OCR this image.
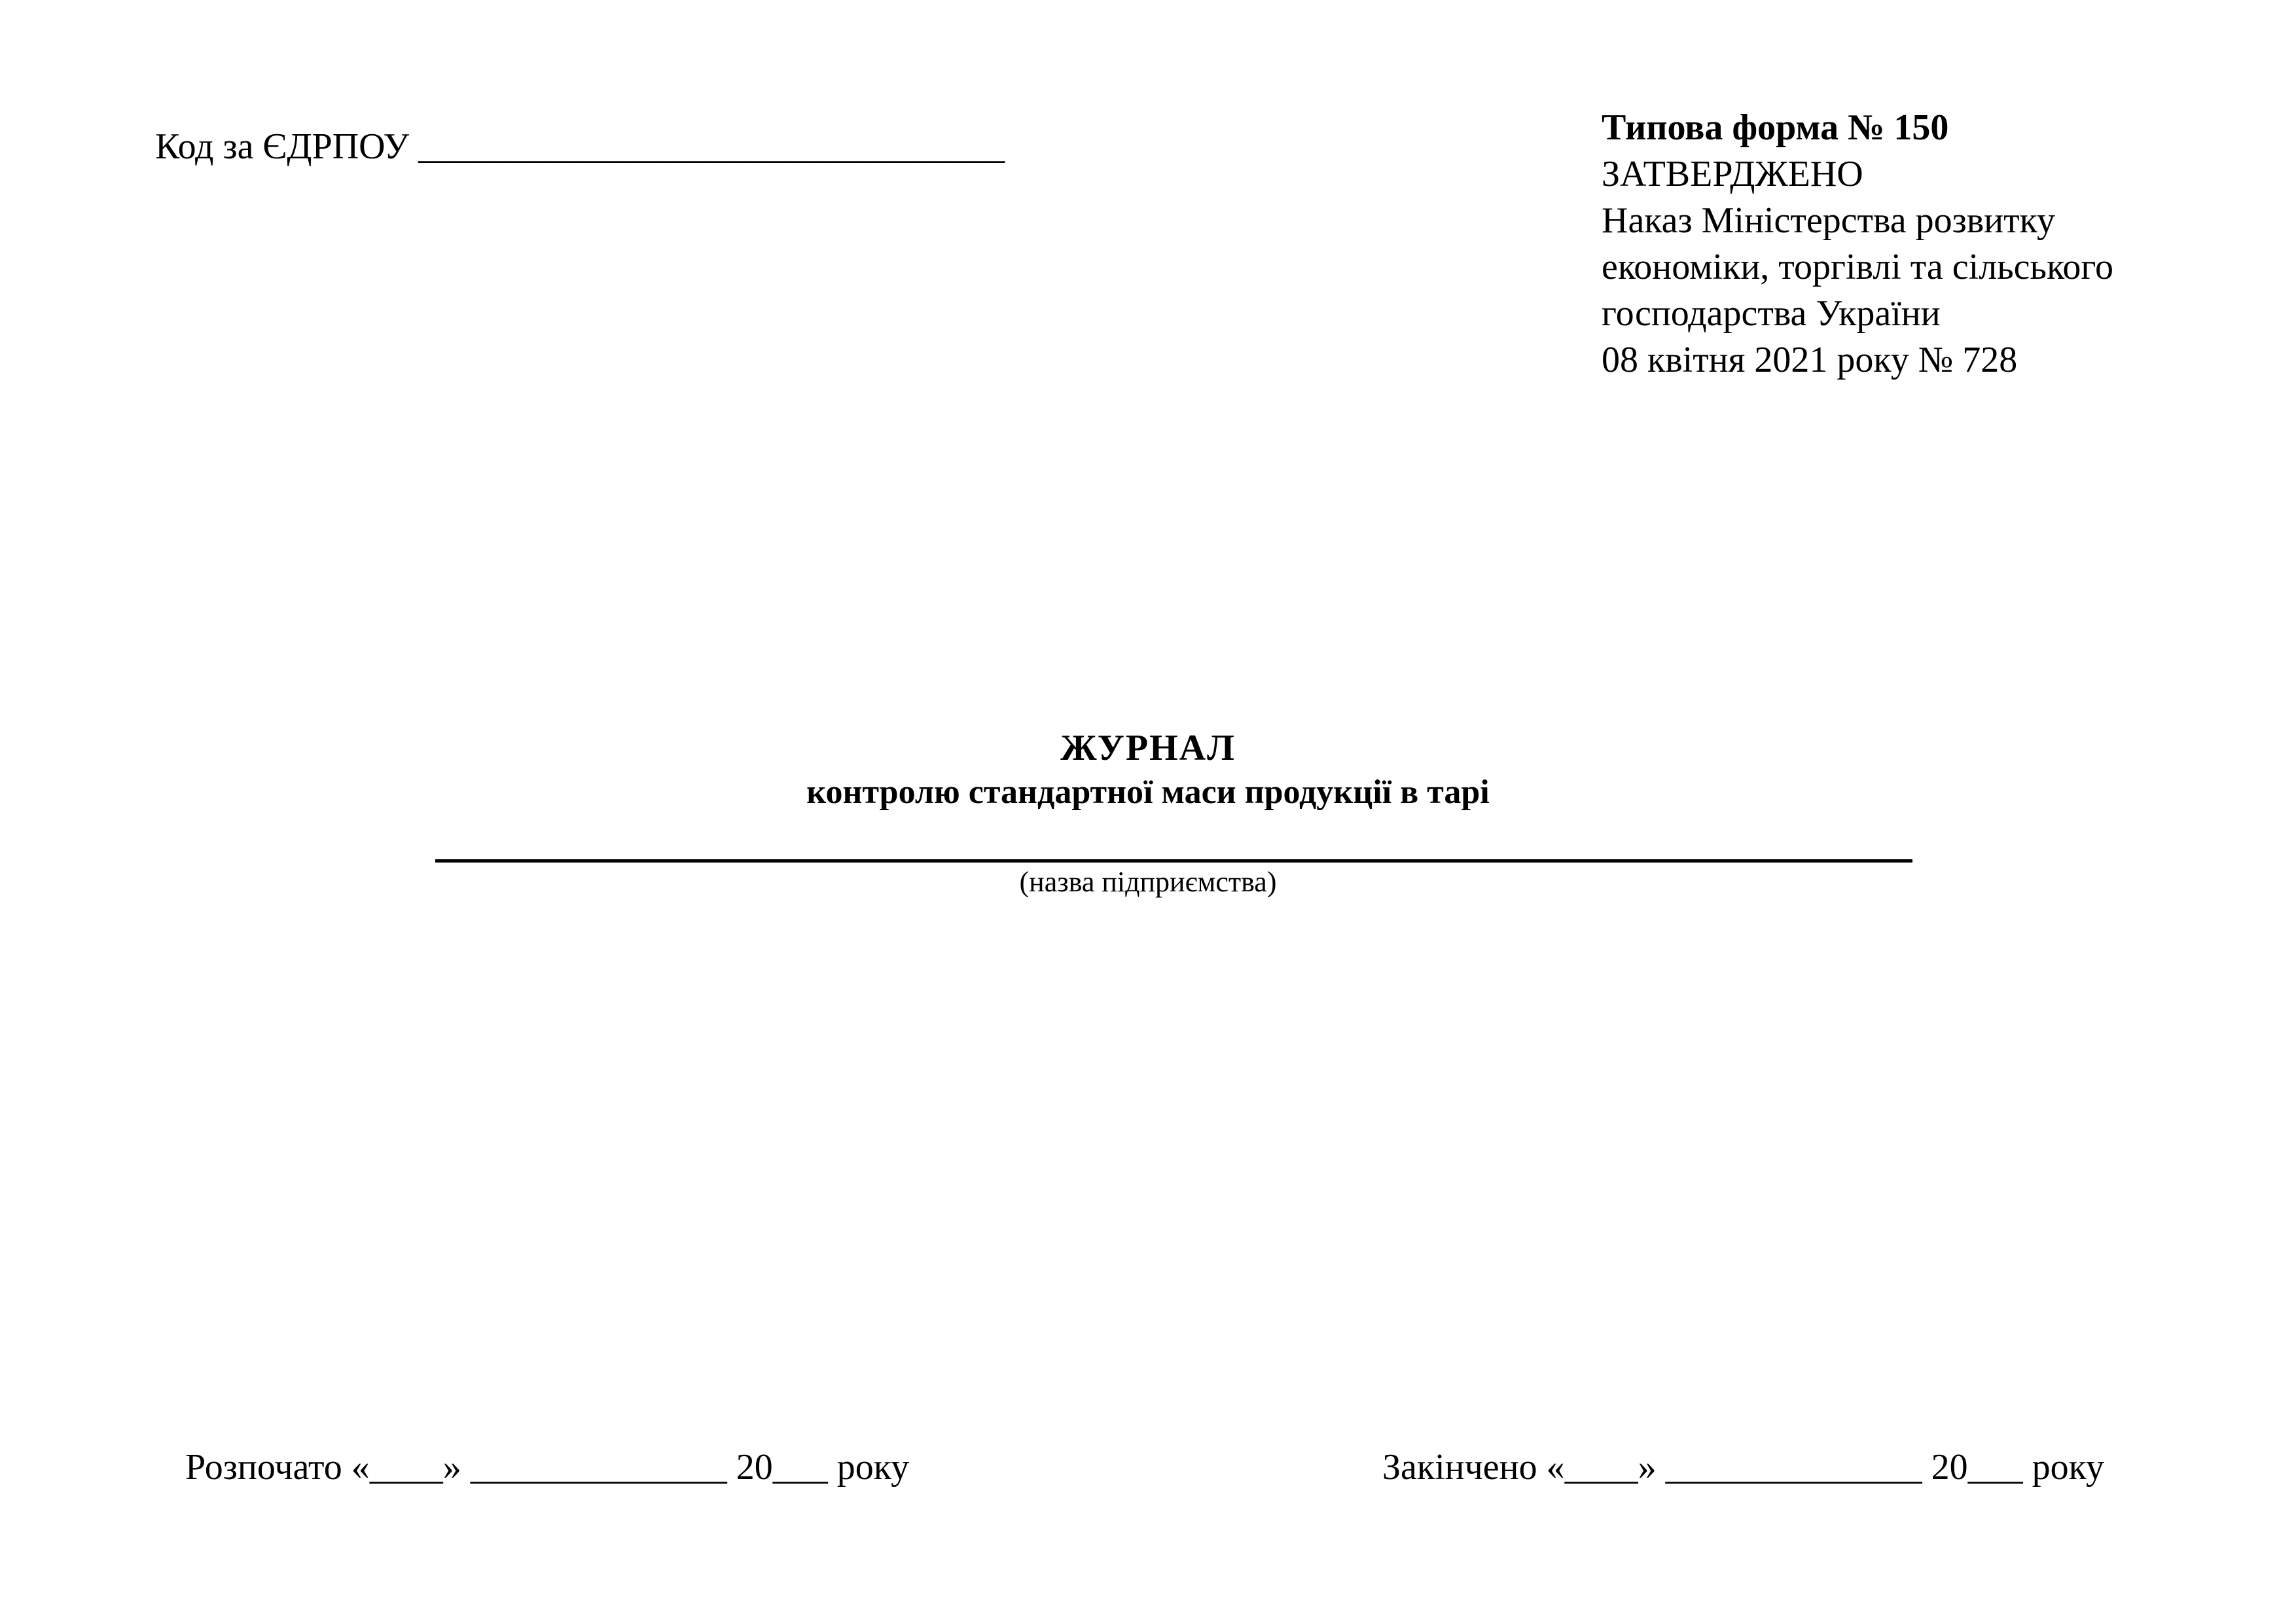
Код за ЄДРПОУ ________________________________	Типова форма № 150
ЗАТВЕРДЖЕНО
Наказ Міністерства розвитку
економіки, торгівлі та сільського
господарства України
08 квітня 2021 року № 728
ЖУРНАЛ
контролю стандартної маси продукції в тарі
(назва підприємства)
Розпочато «____» ______________ 20___ року	Закінчено «____» ______________ 20___ року
